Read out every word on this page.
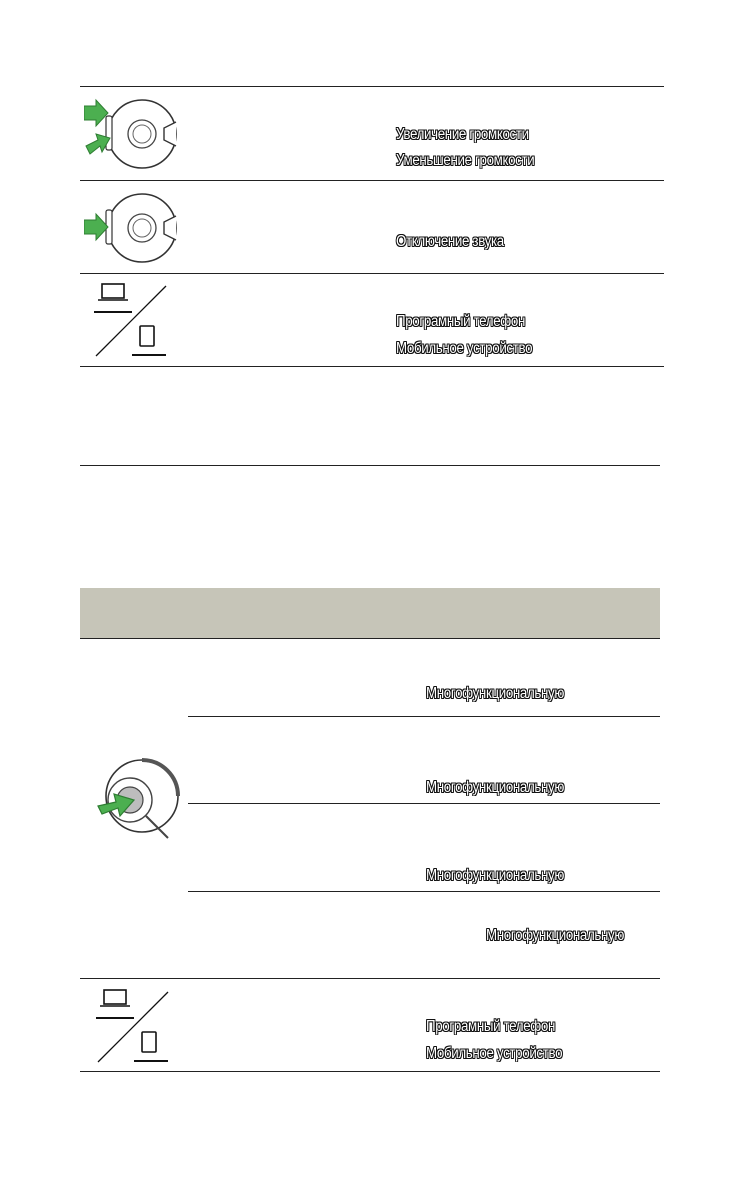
Увеличение громкости
Уменьшение громкости
Отключение звука
Програмный телефон
Мобильное устройство
Многофункциональную
Многофункциональную
Многофункциональную
Многофункциональную
Програмный телефон
Мобильное устройство
